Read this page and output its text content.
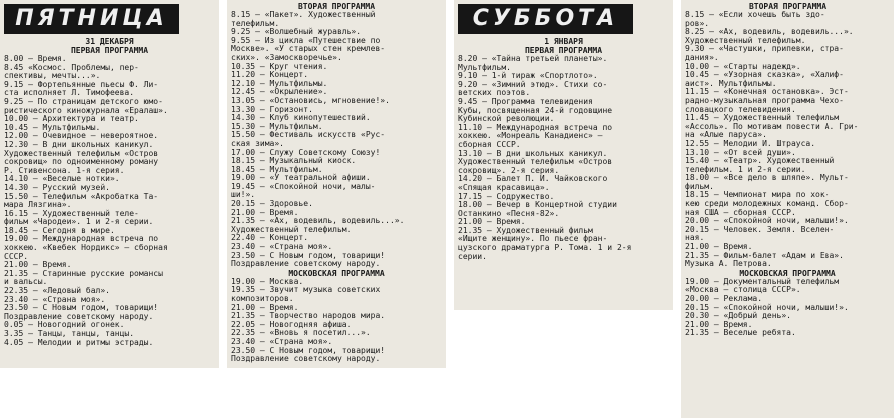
ПЯТНИЦА
31 ДЕКАБРЯ
ПЕРВАЯ ПРОГРАММА
8.00 — Время.
8.45 «Космос. Проблемы, пер-
спективы, мечты...».
9.15 — Фортепьянные пьесы Ф. Ли-
ста исполняет Л. Тимофеева.
9.25 — По страницам детского юмо-
ристического киножурнала «Ералаш».
10.00 — Архитектура и театр.
10.45 — Мультфильмы.
12.00 — Очевидное — невероятное.
12.30 — В дни школьных каникул.
Художественный телефильм «Остров
сокровищ» по одноименному роману
Р. Стивенсона. 1-я серия.
14.10 — «Веселые нотки».
14.30 — Русский музей.
15.50 — Телефильм «Акробатка Та-
мара Лязгина».
16.15 — Художественный теле-
фильм «Чародеи». 1 и 2-я серии.
18.45 — Сегодня в мире.
19.00 — Международная встреча по
хоккею. «Квебек Нордикс» — сборная
СССР.
21.00 — Время.
21.35 — Старинные русские романсы
и вальсы.
22.35 — «Ледовый бал».
23.40 — «Страна моя».
23.50 — С Новым годом, товарищи!
Поздравление советскому народу.
0.05 — Новогодний огонек.
3.35 — Танцы, танцы, танцы.
4.05 — Мелодии и ритмы эстрады.
ВТОРАЯ ПРОГРАММА
8.15 — «Пакет». Художественный
телефильм.
9.25 — «Волшебный журавль».
9.55 — Из цикла «Путешествие по
Москве». «У старых стен кремлев-
ских». «Замоскворечье».
10.35 — Круг чтения.
11.20 — Концерт.
12.10 — Мультфильмы.
12.45 — «Окрыление».
13.05 — «Остановись, мгновение!».
13.30 — Горизонт.
14.30 — Клуб кинопутешествий.
15.30 — Мультфильм.
15.50 — Фестиваль искусств «Рус-
ская зима».
17.00 — Служу Советскому Союзу!
18.15 — Музыкальный киоск.
18.45 — Мультфильм.
19.00 — «У театральной афиши.
19.45 — «Спокойной ночи, малы-
ши!».
20.15 — Здоровье.
21.00 — Время.
21.35 — «Ах, водевиль, водевиль...».
Художественный телефильм.
22.40 — Концерт.
23.40 — «Страна моя».
23.50 — С Новым годом, товарищи!
Поздравление советскому народу.
МОСКОВСКАЯ ПРОГРАММА
19.00 — Москва.
19.35 — Звучит музыка советских
композиторов.
21.00 — Время.
21.35 — Творчество народов мира.
22.05 — Новогодняя афиша.
22.35 — «Вновь я посетил...».
23.40 — «Страна моя».
23.50 — С Новым годом, товарищи!
Поздравление советскому народу.
СУББОТА
1 ЯНВАРЯ
ПЕРВАЯ ПРОГРАММА
8.20 — «Тайна третьей планеты».
Мультфильм.
9.10 — 1-й тираж «Спортлото».
9.20 — «Зимний этюд». Стихи со-
ветских поэтов.
9.45 — Программа телевидения
Кубы, посвященная 24-й годовщине
Кубинской революции.
11.10 — Международная встреча по
хоккею. «Монреаль Канадиенс» —
сборная СССР.
13.10 — В дни школьных каникул.
Художественный телефильм «Остров
сокровищ». 2-я серия.
14.20 — Балет П. И. Чайковского
«Спящая красавица».
17.15 — Содружество.
18.00 — Вечер в Концертной студии
Останкино «Песня-82».
21.00 — Время.
21.35 — Художественный фильм
«Ищите женщину». По пьесе фран-
цузского драматурга Р. Тома. 1 и 2-я
серии.
ВТОРАЯ ПРОГРАММА
8.15 — «Если хочешь быть здо-
ров».
8.25 — «Ах, водевиль, водевиль...».
Художественный телефильм.
9.30 — «Частушки, припевки, стра-
дания».
10.00 — «Старты надежд».
10.45 — «Узорная сказка», «Халиф-
аист». Мультфильмы.
11.15 — «Конечная остановка». Эст-
радно-музыкальная программа Чехо-
словацкого телевидения.
11.45 — Художественный телефильм
«Ассоль». По мотивам повести А. Гри-
на «Алые паруса».
12.55 — Мелодии И. Штрауса.
13.10 — «От всей души».
15.40 — «Театр». Художественный
телефильм. 1 и 2-я серии.
18.00 — «Все дело в шляпе». Мульт-
фильм.
18.15 — Чемпионат мира по хок-
кею среди молодежных команд. Сбор-
ная США — сборная СССР.
20.00 — «Спокойной ночи, малыши!».
20.15 — Человек. Земля. Вселен-
ная.
21.00 — Время.
21.35 — Фильм-балет «Адам и Ева».
Музыка А. Петрова.
МОСКОВСКАЯ ПРОГРАММА
19.00 — Документальный телефильм
«Москва — столица СССР».
20.00 — Реклама.
20.15 — «Спокойной ночи, малыши!».
20.30 — «Добрый день».
21.00 — Время.
21.35 — Веселые ребята.
